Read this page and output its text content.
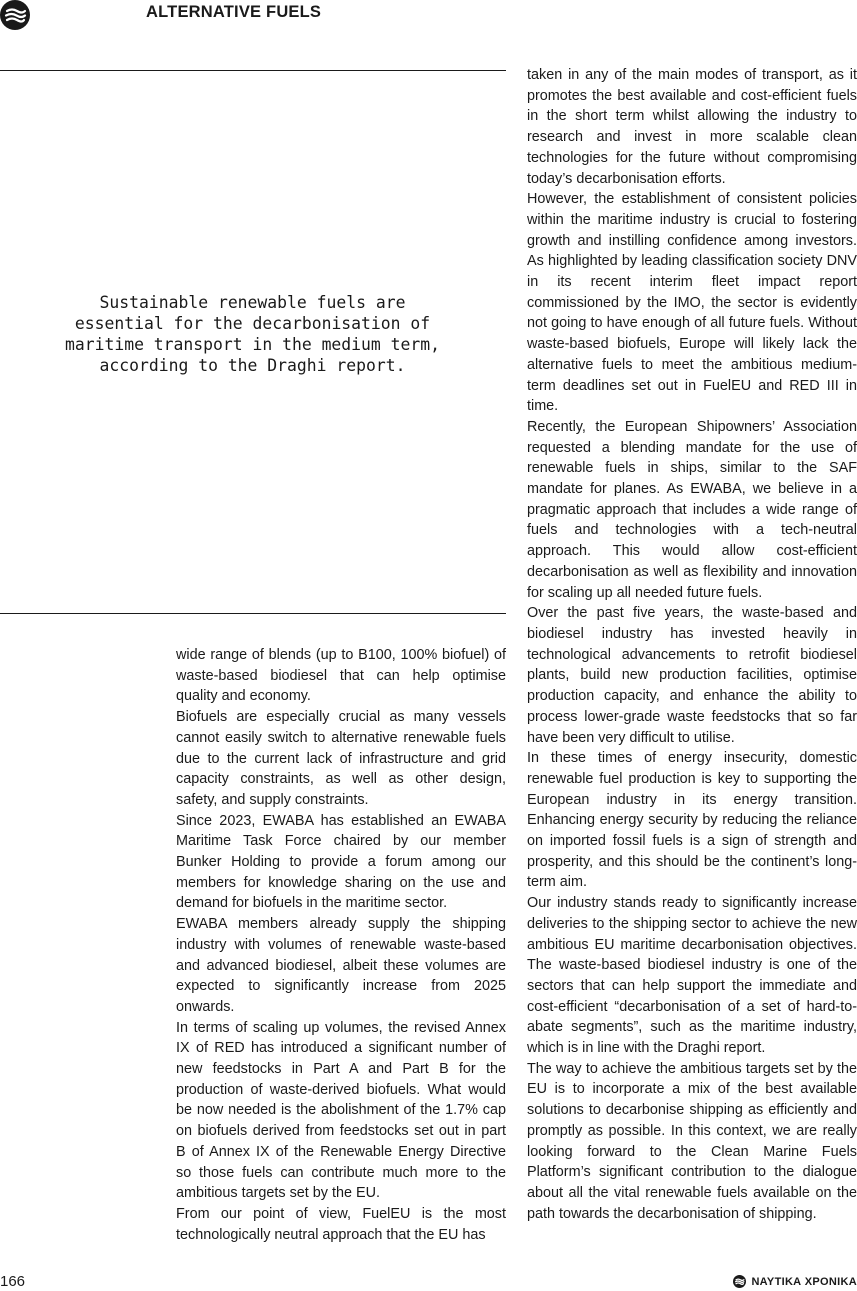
ALTERNATIVE FUELS
Sustainable renewable fuels are essential for the decarbonisation of maritime transport in the medium term, according to the Draghi report.

wide range of blends (up to B100, 100% biofuel) of waste-based biodiesel that can help optimise quality and economy.

Biofuels are especially crucial as many vessels cannot easily switch to alternative renewable fuels due to the current lack of infrastructure and grid capacity constraints, as well as other design, safety, and supply constraints.

Since 2023, EWABA has established an EWABA Maritime Task Force chaired by our member Bunker Holding to provide a forum among our members for knowledge sharing on the use and demand for biofuels in the maritime sector.

EWABA members already supply the shipping industry with volumes of renewable waste-based and advanced biodiesel, albeit these volumes are expected to significantly increase from 2025 onwards.

In terms of scaling up volumes, the revised Annex IX of RED has introduced a significant number of new feedstocks in Part A and Part B for the production of waste-derived biofuels. What would be now needed is the abolishment of the 1.7% cap on biofuels derived from feedstocks set out in part B of Annex IX of the Renewable Energy Directive so those fuels can contribute much more to the ambitious targets set by the EU.

From our point of view, FuelEU is the most technologically neutral approach that the EU has

taken in any of the main modes of transport, as it promotes the best available and cost-efficient fuels in the short term whilst allowing the industry to research and invest in more scalable clean technologies for the future without compromising today’s decarbonisation efforts.

However, the establishment of consistent policies within the maritime industry is crucial to fostering growth and instilling confidence among investors. As highlighted by leading classification society DNV in its recent interim fleet impact report commissioned by the IMO, the sector is evidently not going to have enough of all future fuels. Without waste-based biofuels, Europe will likely lack the alternative fuels to meet the ambitious medium-term deadlines set out in FuelEU and RED III in time.

Recently, the European Shipowners’ Association requested a blending mandate for the use of renewable fuels in ships, similar to the SAF mandate for planes. As EWABA, we believe in a pragmatic approach that includes a wide range of fuels and technologies with a tech-neutral approach. This would allow cost-efficient decarbonisation as well as flexibility and innovation for scaling up all needed future fuels.

Over the past five years, the waste-based and biodiesel industry has invested heavily in technological advancements to retrofit biodiesel plants, build new production facilities, optimise production capacity, and enhance the ability to process lower-grade waste feedstocks that so far have been very difficult to utilise.

In these times of energy insecurity, domestic renewable fuel production is key to supporting the European industry in its energy transition. Enhancing energy security by reducing the reliance on imported fossil fuels is a sign of strength and prosperity, and this should be the continent’s long-term aim.

Our industry stands ready to significantly increase deliveries to the shipping sector to achieve the new ambitious EU maritime decarbonisation objectives. The waste-based biodiesel industry is one of the sectors that can help support the immediate and cost-efficient “decarbonisation of a set of hard-to-abate segments”, such as the maritime industry, which is in line with the Draghi report.

The way to achieve the ambitious targets set by the EU is to incorporate a mix of the best available solutions to decarbonise shipping as efficiently and promptly as possible. In this context, we are really looking forward to the Clean Marine Fuels Platform’s significant contribution to the dialogue about all the vital renewable fuels available on the path towards the decarbonisation of shipping.

166	ΝΑΥΤΙΚΑ ΧΡΟΝΙΚΑ
